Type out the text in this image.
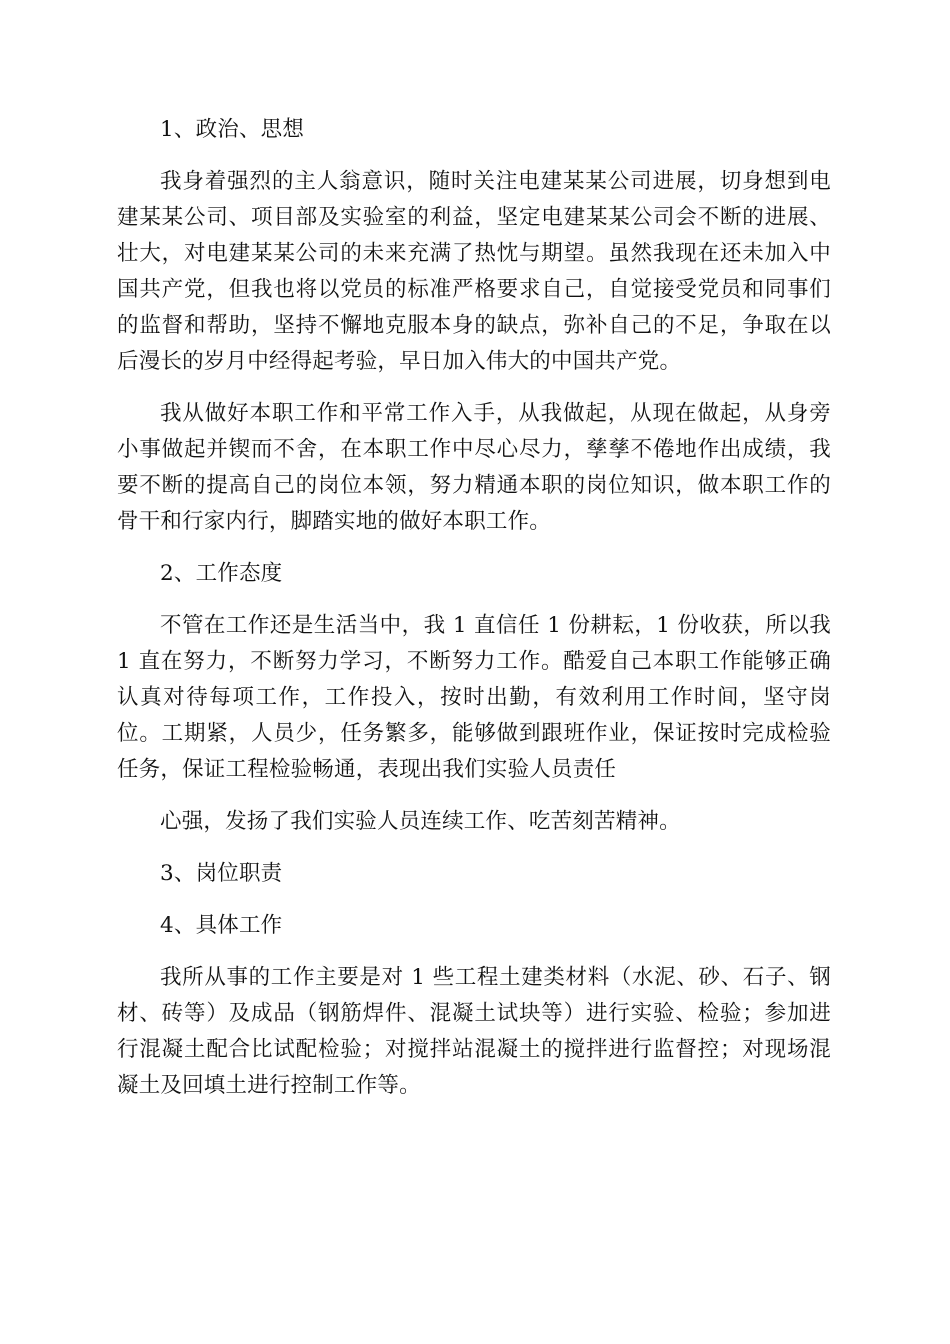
1、政治、思想

我身着强烈的主人翁意识，随时关注电建某某公司进展，切身想到电建某某公司、项目部及实验室的利益，坚定电建某某公司会不断的进展、壮大，对电建某某公司的未来充满了热忱与期望。虽然我现在还未加入中国共产党，但我也将以党员的标准严格要求自己，自觉接受党员和同事们的监督和帮助，坚持不懈地克服本身的缺点，弥补自己的不足，争取在以后漫长的岁月中经得起考验，早日加入伟大的中国共产党。

我从做好本职工作和平常工作入手，从我做起，从现在做起，从身旁小事做起并锲而不舍，在本职工作中尽心尽力，孳孳不倦地作出成绩，我要不断的提高自己的岗位本领，努力精通本职的岗位知识，做本职工作的骨干和行家内行，脚踏实地的做好本职工作。

2、工作态度

不管在工作还是生活当中，我 1 直信任 1 份耕耘，1 份收获，所以我 1 直在努力，不断努力学习，不断努力工作。酷爱自己本职工作能够正确认真对待每项工作，工作投入，按时出勤，有效利用工作时间，坚守岗位。工期紧，人员少，任务繁多，能够做到跟班作业，保证按时完成检验任务，保证工程检验畅通，表现出我们实验人员责任

心强，发扬了我们实验人员连续工作、吃苦刻苦精神。

3、岗位职责

4、具体工作

我所从事的工作主要是对 1 些工程土建类材料（水泥、砂、石子、钢材、砖等）及成品（钢筋焊件、混凝土试块等）进行实验、检验；参加进行混凝土配合比试配检验；对搅拌站混凝土的搅拌进行监督控；对现场混凝土及回填土进行控制工作等。
